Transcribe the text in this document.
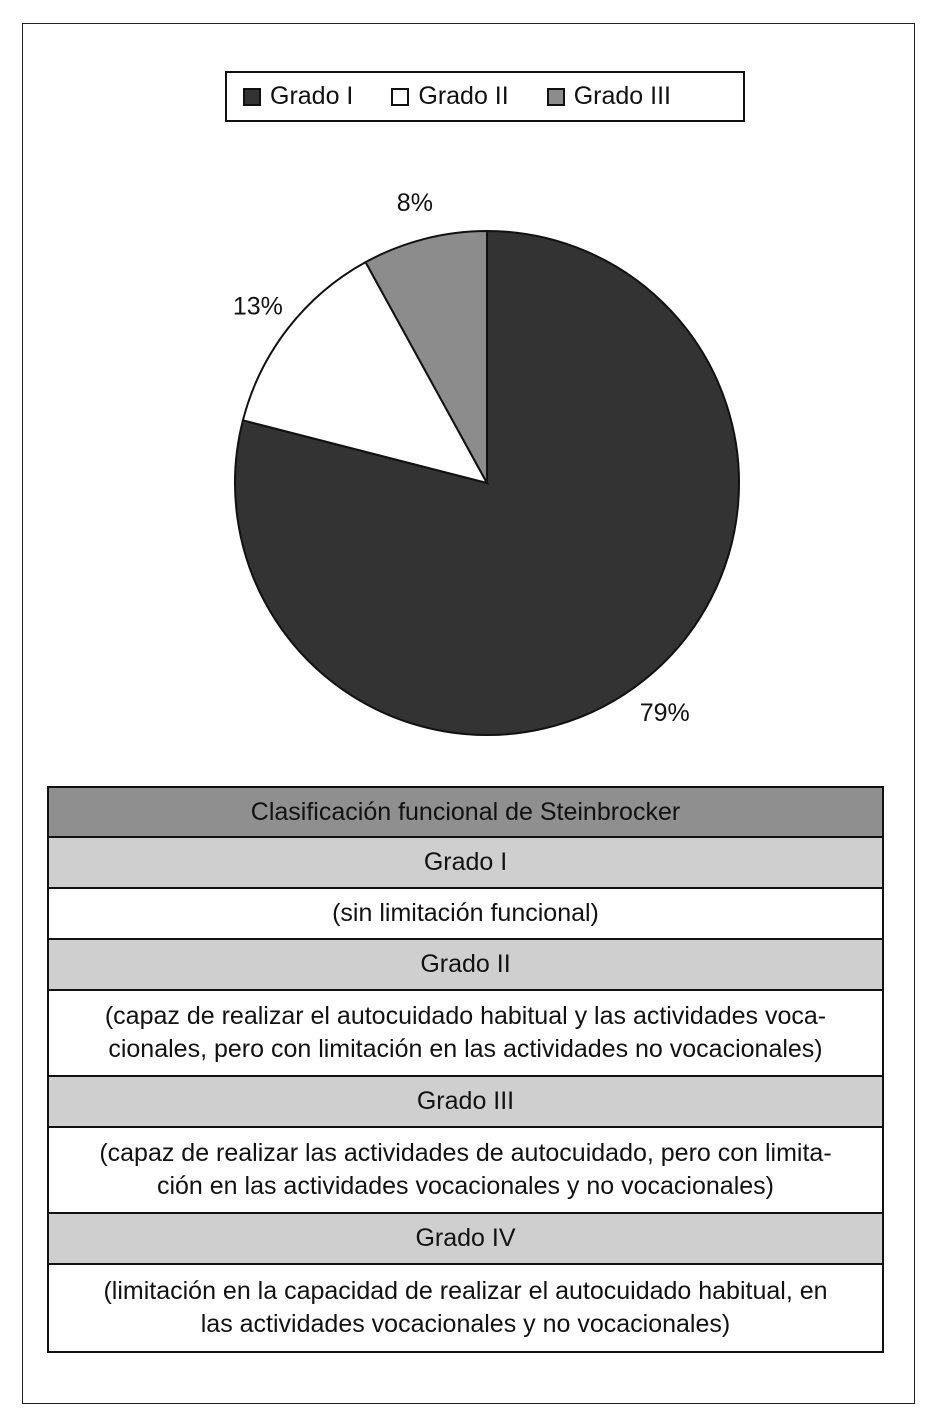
Grado I	Grado II	Grado III
79%
13%
8%
Clasificación funcional de Steinbrocker
Grado I
(sin limitación funcional)
Grado II
(capaz de realizar el autocuidado habitual y las actividades voca-
cionales, pero con limitación en las actividades no vocacionales)
Grado III
(capaz de realizar las actividades de autocuidado, pero con limita-
ción en las actividades vocacionales y no vocacionales)
Grado IV
(limitación en la capacidad de realizar el autocuidado habitual, en
las actividades vocacionales y no vocacionales)
